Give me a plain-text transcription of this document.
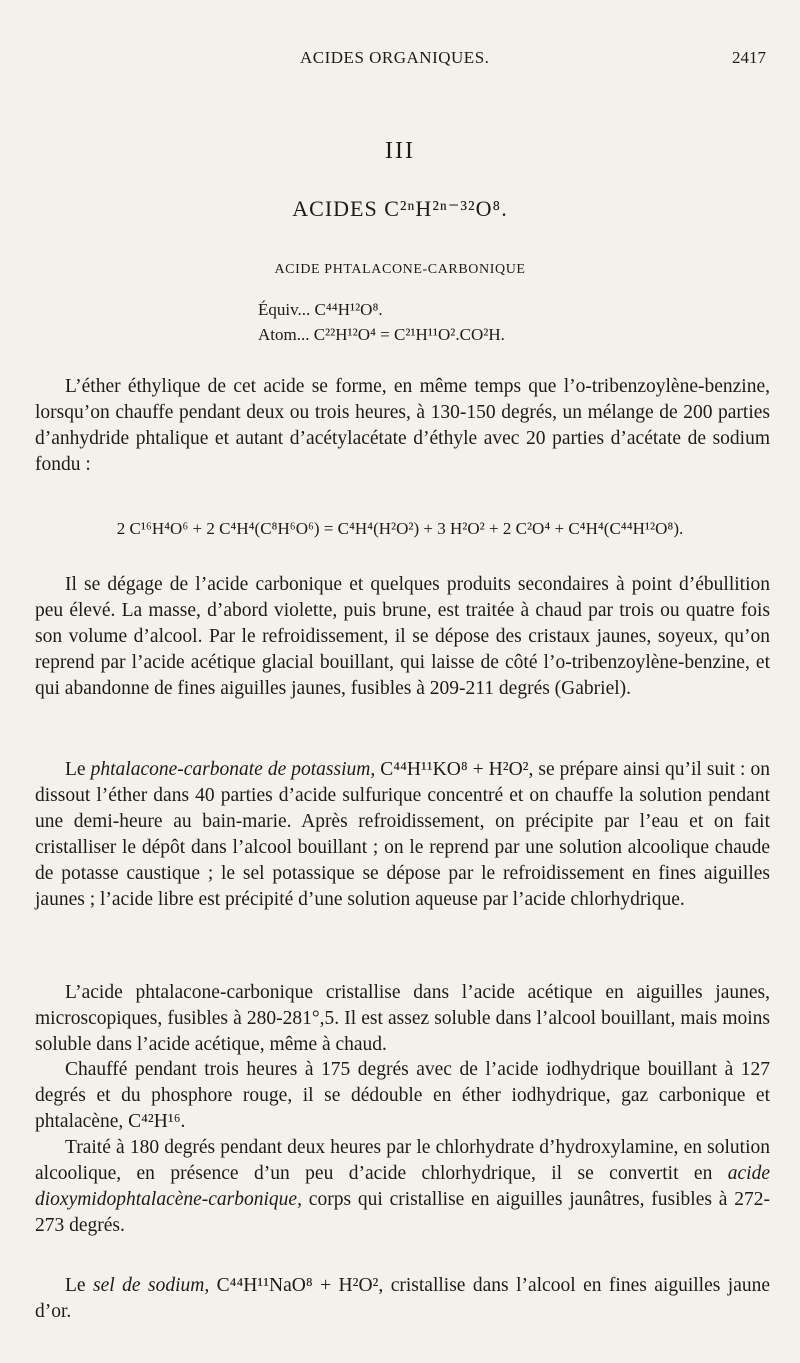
ACIDES ORGANIQUES.	2417
III
ACIDES C²ⁿH²ⁿ⁻³²O⁸.
ACIDE PHTALACONE-CARBONIQUE
Équiv... C⁴⁴H¹²O⁸.
Atom... C²²H¹²O⁴ = C²¹H¹¹O².CO²H.

L’éther éthylique de cet acide se forme, en même temps que l’o-tribenzoylène-benzine, lorsqu’on chauffe pendant deux ou trois heures, à 130-150 degrés, un mélange de 200 parties d’anhydride phtalique et autant d’acétylacétate d’éthyle avec 20 parties d’acétate de sodium fondu :

2 C¹⁶H⁴O⁶ + 2 C⁴H⁴(C⁸H⁶O⁶) = C⁴H⁴(H²O²) + 3 H²O² + 2 C²O⁴ + C⁴H⁴(C⁴⁴H¹²O⁸).

Il se dégage de l’acide carbonique et quelques produits secondaires à point d’ébullition peu élevé. La masse, d’abord violette, puis brune, est traitée à chaud par trois ou quatre fois son volume d’alcool. Par le refroidissement, il se dépose des cristaux jaunes, soyeux, qu’on reprend par l’acide acétique glacial bouillant, qui laisse de côté l’o-tribenzoylène-benzine, et qui abandonne de fines aiguilles jaunes, fusibles à 209-211 degrés (Gabriel).

Le phtalacone-carbonate de potassium, C⁴⁴H¹¹KO⁸ + H²O², se prépare ainsi qu’il suit : on dissout l’éther dans 40 parties d’acide sulfurique concentré et on chauffe la solution pendant une demi-heure au bain-marie. Après refroidissement, on précipite par l’eau et on fait cristalliser le dépôt dans l’alcool bouillant ; on le reprend par une solution alcoolique chaude de potasse caustique ; le sel potassique se dépose par le refroidissement en fines aiguilles jaunes ; l’acide libre est précipité d’une solution aqueuse par l’acide chlorhydrique.

L’acide phtalacone-carbonique cristallise dans l’acide acétique en aiguilles jaunes, microscopiques, fusibles à 280-281°,5. Il est assez soluble dans l’alcool bouillant, mais moins soluble dans l’acide acétique, même à chaud.

Chauffé pendant trois heures à 175 degrés avec de l’acide iodhydrique bouillant à 127 degrés et du phosphore rouge, il se dédouble en éther iodhydrique, gaz carbonique et phtalacène, C⁴²H¹⁶.

Traité à 180 degrés pendant deux heures par le chlorhydrate d’hydroxylamine, en solution alcoolique, en présence d’un peu d’acide chlorhydrique, il se convertit en acide dioxymidophtalacène-carbonique, corps qui cristallise en aiguilles jaunâtres, fusibles à 272-273 degrés.

Le sel de sodium, C⁴⁴H¹¹NaO⁸ + H²O², cristallise dans l’alcool en fines aiguilles jaune d’or.
